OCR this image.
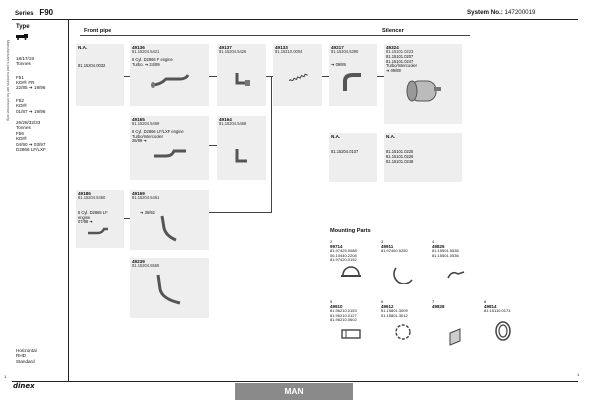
Series F90	System No.: 147200019
Type
18/17/19
Tonnes
F51
KDI® FR
22/85 ➔ 19/96
F52
KDI®
01/87 ➔ 19/96
26/28/32/33
Tonnes
F56
KDI®
04/90 ➔ 03/97
D2866 LF/LXF
Horizontal
RHD
Standard
Manufacturer's part numbers are for reference only
Front pipe	Silencer
N.A.
81.15204.0032
49136
81.15204.5421
6 Cyl. D2866 F engine
Turbo. ➔ 24/89
49137
81.15204.5426
49133
81.15210.0004
49217
81.15204.5390
➔ 09/89
49324
81.15101.0223
81.15101.0207
81.15101.0247
Turbo/Intercooler
➔ 09/89
49165
81.15204.5469
6 Cyl. D2866 LF/LXF engine
Turbo/Intercooler
25/89 ➔
49164
81.15204.5468
N.A.
81.15204.0107
N.A.
81.15101.0225
81.15101.0226
81.15101.0248
49186
81.15204.5460
5 Cyl. D2865 LF
engine
07/88 ➔
49169
81.15204.5461
➔ 36/92
49239
81.15204.5565
Mounting Parts
2
99714
81.97425.0088
06.10440.2208
81.97420.0152
3
49911
81.97460.5250
4
49825
81.15501.5536
81.15501.0536
5
49910
81.96210.0153
81.96210.0127
81.96210.0602
6
49612
51.15801.3009
51.15801.3012
7
49828
8
49814
81.15110.0173
dinex
1	1
MAN
